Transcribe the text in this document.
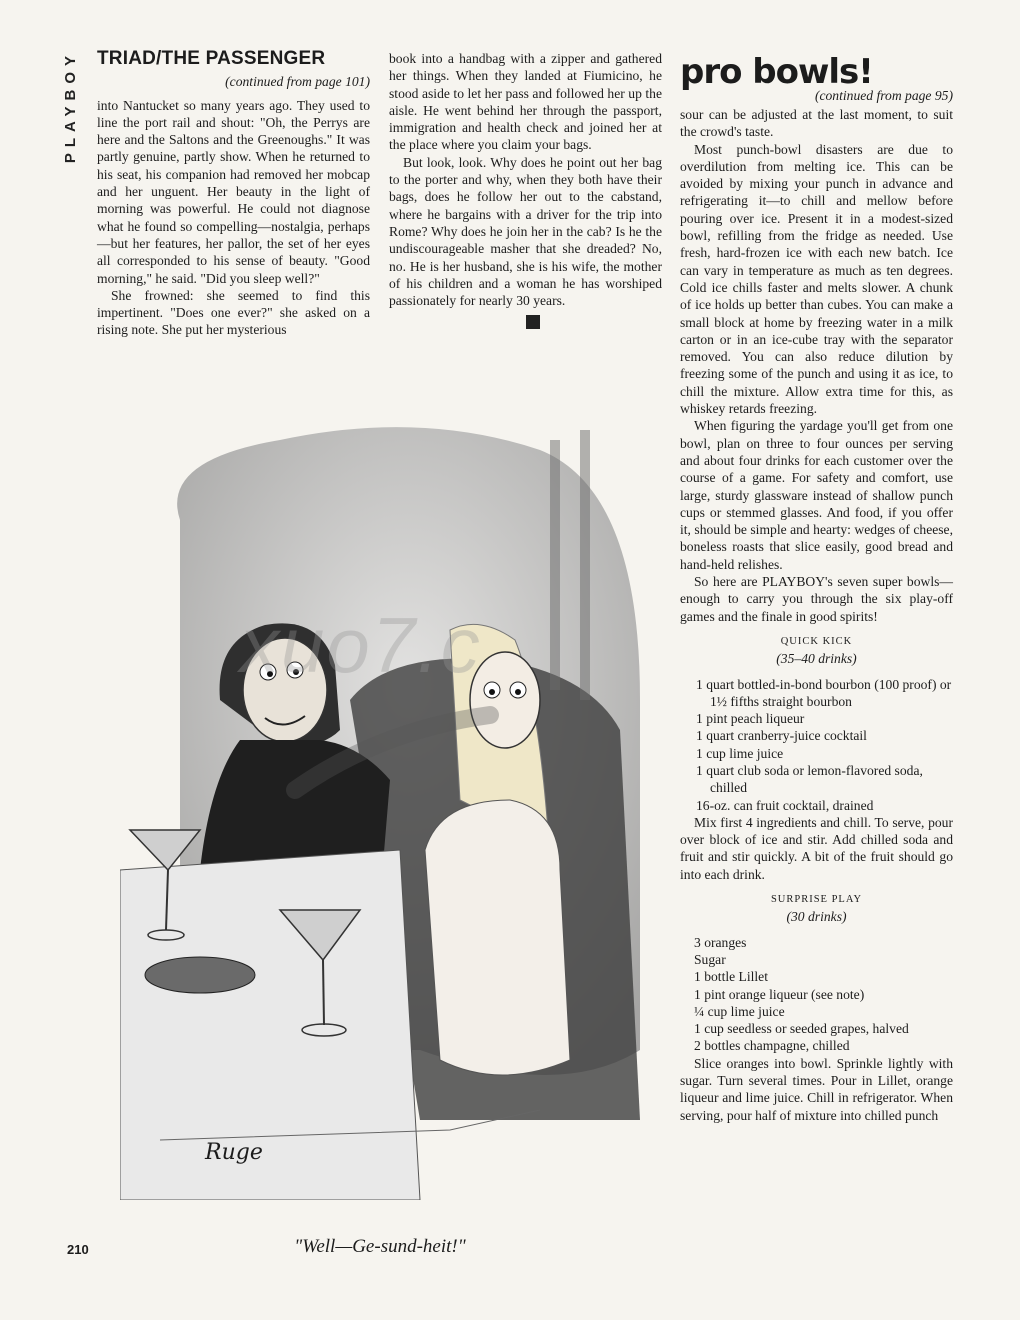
PLAYBOY TRIAD/THE PASSENGER
(continued from page 101)

into Nantucket so many years ago. They used to line the port rail and shout: "Oh, the Perrys are here and the Saltons and the Greenoughs." It was partly genuine, partly show. When he returned to his seat, his companion had removed her mobcap and her unguent. Her beauty in the light of morning was powerful. He could not diagnose what he found so compelling—nostalgia, perhaps—but her features, her pallor, the set of her eyes all corresponded to his sense of beauty. "Good morning," he said. "Did you sleep well?"

She frowned: she seemed to find this impertinent. "Does one ever?" she asked on a rising note. She put her mysterious

book into a handbag with a zipper and gathered her things. When they landed at Fiumicino, he stood aside to let her pass and followed her up the aisle. He went behind her through the passport, immigration and health check and joined her at the place where you claim your bags.

But look, look. Why does he point out her bag to the porter and why, when they both have their bags, does he follow her out to the cabstand, where he bargains with a driver for the trip into Rome? Why does he join her in the cab? Is he the undiscourageable masher that she dreaded? No, no. He is her husband, she is his wife, the mother of his children and a woman he has worshiped passionately for nearly 30 years.

pro bowls!
(continued from page 95)

sour can be adjusted at the last moment, to suit the crowd's taste.

Most punch-bowl disasters are due to overdilution from melting ice. This can be avoided by mixing your punch in advance and refrigerating it—to chill and mellow before pouring over ice. Present it in a modest-sized bowl, refilling from the fridge as needed. Use fresh, hard-frozen ice with each new batch. Ice can vary in temperature as much as ten degrees. Cold ice chills faster and melts slower. A chunk of ice holds up better than cubes. You can make a small block at home by freezing water in a milk carton or in an ice-cube tray with the separator removed. You can also reduce dilution by freezing some of the punch and using it as ice, to chill the mixture. Allow extra time for this, as whiskey retards freezing.

When figuring the yardage you'll get from one bowl, plan on three to four ounces per serving and about four drinks for each customer over the course of a game. For safety and comfort, use large, sturdy glassware instead of shallow punch cups or stemmed glasses. And food, if you offer it, should be simple and hearty: wedges of cheese, boneless roasts that slice easily, good bread and hand-held relishes.

So here are PLAYBOY's seven super bowls—enough to carry you through the six play-off games and the finale in good spirits!

QUICK KICK

(35–40 drinks)

1 quart bottled-in-bond bourbon (100 proof) or 1½ fifths straight bourbon

1 pint peach liqueur

1 quart cranberry-juice cocktail

1 cup lime juice

1 quart club soda or lemon-flavored soda, chilled

16-oz. can fruit cocktail, drained

Mix first 4 ingredients and chill. To serve, pour over block of ice and stir. Add chilled soda and fruit and stir quickly. A bit of the fruit should go into each drink.

SURPRISE PLAY

(30 drinks)

3 oranges

Sugar

1 bottle Lillet

1 pint orange liqueur (see note)

¼ cup lime juice

1 cup seedless or seeded grapes, halved

2 bottles champagne, chilled

Slice oranges into bowl. Sprinkle lightly with sugar. Turn several times. Pour in Lillet, orange liqueur and lime juice. Chill in refrigerator. When serving, pour half of mixture into chilled punch

xuo7.c
Ruge
"Well—Ge-sund-heit!"
210
